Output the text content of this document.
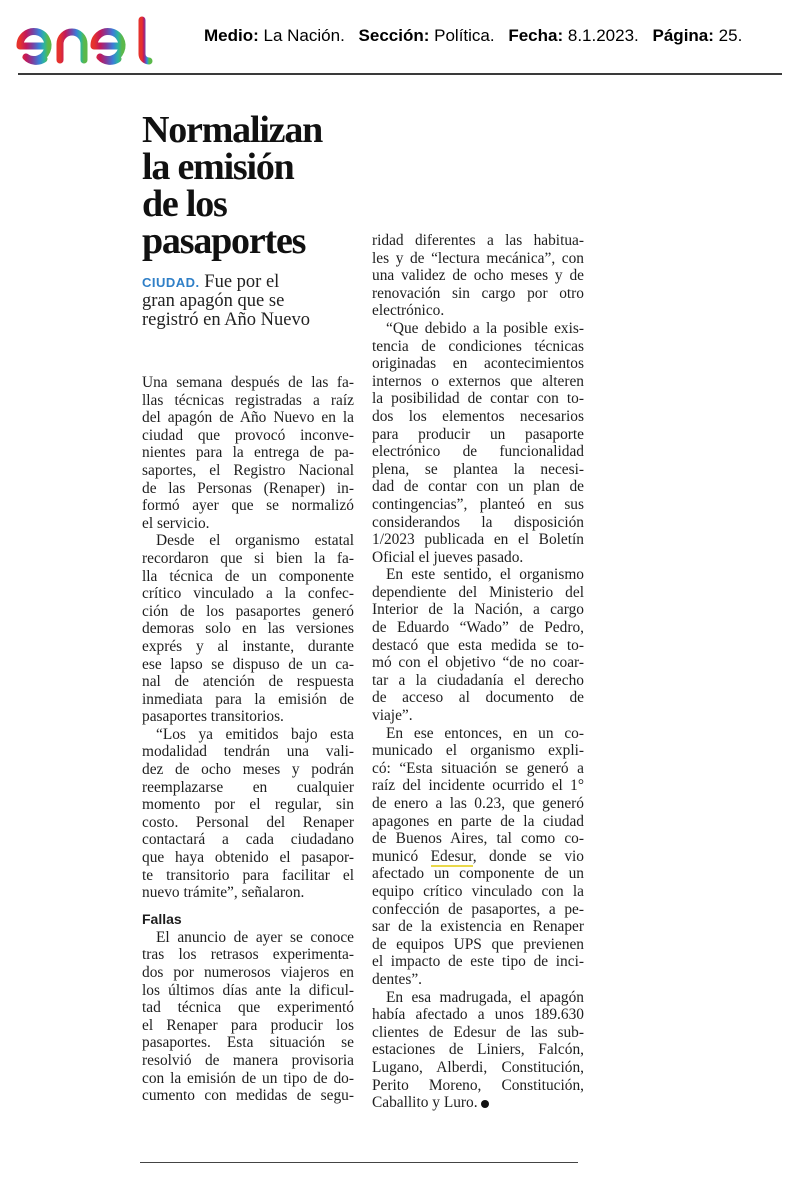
Medio: La Nación. Sección: Política. Fecha: 8.1.2023. Página: 25.
Normalizan
la emisión
de los
pasaportes
CIUDAD. Fue por el
gran apagón que se
registró en Año Nuevo
Una semana después de las fa-
llas técnicas registradas a raíz
del apagón de Año Nuevo en la
ciudad que provocó inconve-
nientes para la entrega de pa-
saportes, el Registro Nacional
de las Personas (Renaper) in-
formó ayer que se normalizó
el servicio.
Desde el organismo estatal
recordaron que si bien la fa-
lla técnica de un componente
crítico vinculado a la confec-
ción de los pasaportes generó
demoras solo en las versiones
exprés y al instante, durante
ese lapso se dispuso de un ca-
nal de atención de respuesta
inmediata para la emisión de
pasaportes transitorios.
“Los ya emitidos bajo esta
modalidad tendrán una vali-
dez de ocho meses y podrán
reemplazarse en cualquier
momento por el regular, sin
costo. Personal del Renaper
contactará a cada ciudadano
que haya obtenido el pasapor-
te transitorio para facilitar el
nuevo trámite”, señalaron.
Fallas
El anuncio de ayer se conoce
tras los retrasos experimenta-
dos por numerosos viajeros en
los últimos días ante la dificul-
tad técnica que experimentó
el Renaper para producir los
pasaportes. Esta situación se
resolvió de manera provisoria
con la emisión de un tipo de do-
cumento con medidas de segu-
ridad diferentes a las habitua-
les y de “lectura mecánica”, con
una validez de ocho meses y de
renovación sin cargo por otro
electrónico.
“Que debido a la posible exis-
tencia de condiciones técnicas
originadas en acontecimientos
internos o externos que alteren
la posibilidad de contar con to-
dos los elementos necesarios
para producir un pasaporte
electrónico de funcionalidad
plena, se plantea la necesi-
dad de contar con un plan de
contingencias”, planteó en sus
considerandos la disposición
1/2023 publicada en el Boletín
Oficial el jueves pasado.
En este sentido, el organismo
dependiente del Ministerio del
Interior de la Nación, a cargo
de Eduardo “Wado” de Pedro,
destacó que esta medida se to-
mó con el objetivo “de no coar-
tar a la ciudadanía el derecho
de acceso al documento de
viaje”.
En ese entonces, en un co-
municado el organismo expli-
có: “Esta situación se generó a
raíz del incidente ocurrido el 1°
de enero a las 0.23, que generó
apagones en parte de la ciudad
de Buenos Aires, tal como co-
municó Edesur, donde se vio
afectado un componente de un
equipo crítico vinculado con la
confección de pasaportes, a pe-
sar de la existencia en Renaper
de equipos UPS que previenen
el impacto de este tipo de inci-
dentes”.
En esa madrugada, el apagón
había afectado a unos 189.630
clientes de Edesur de las sub-
estaciones de Liniers, Falcón,
Lugano, Alberdi, Constitución,
Perito Moreno, Constitución,
Caballito y Luro.
